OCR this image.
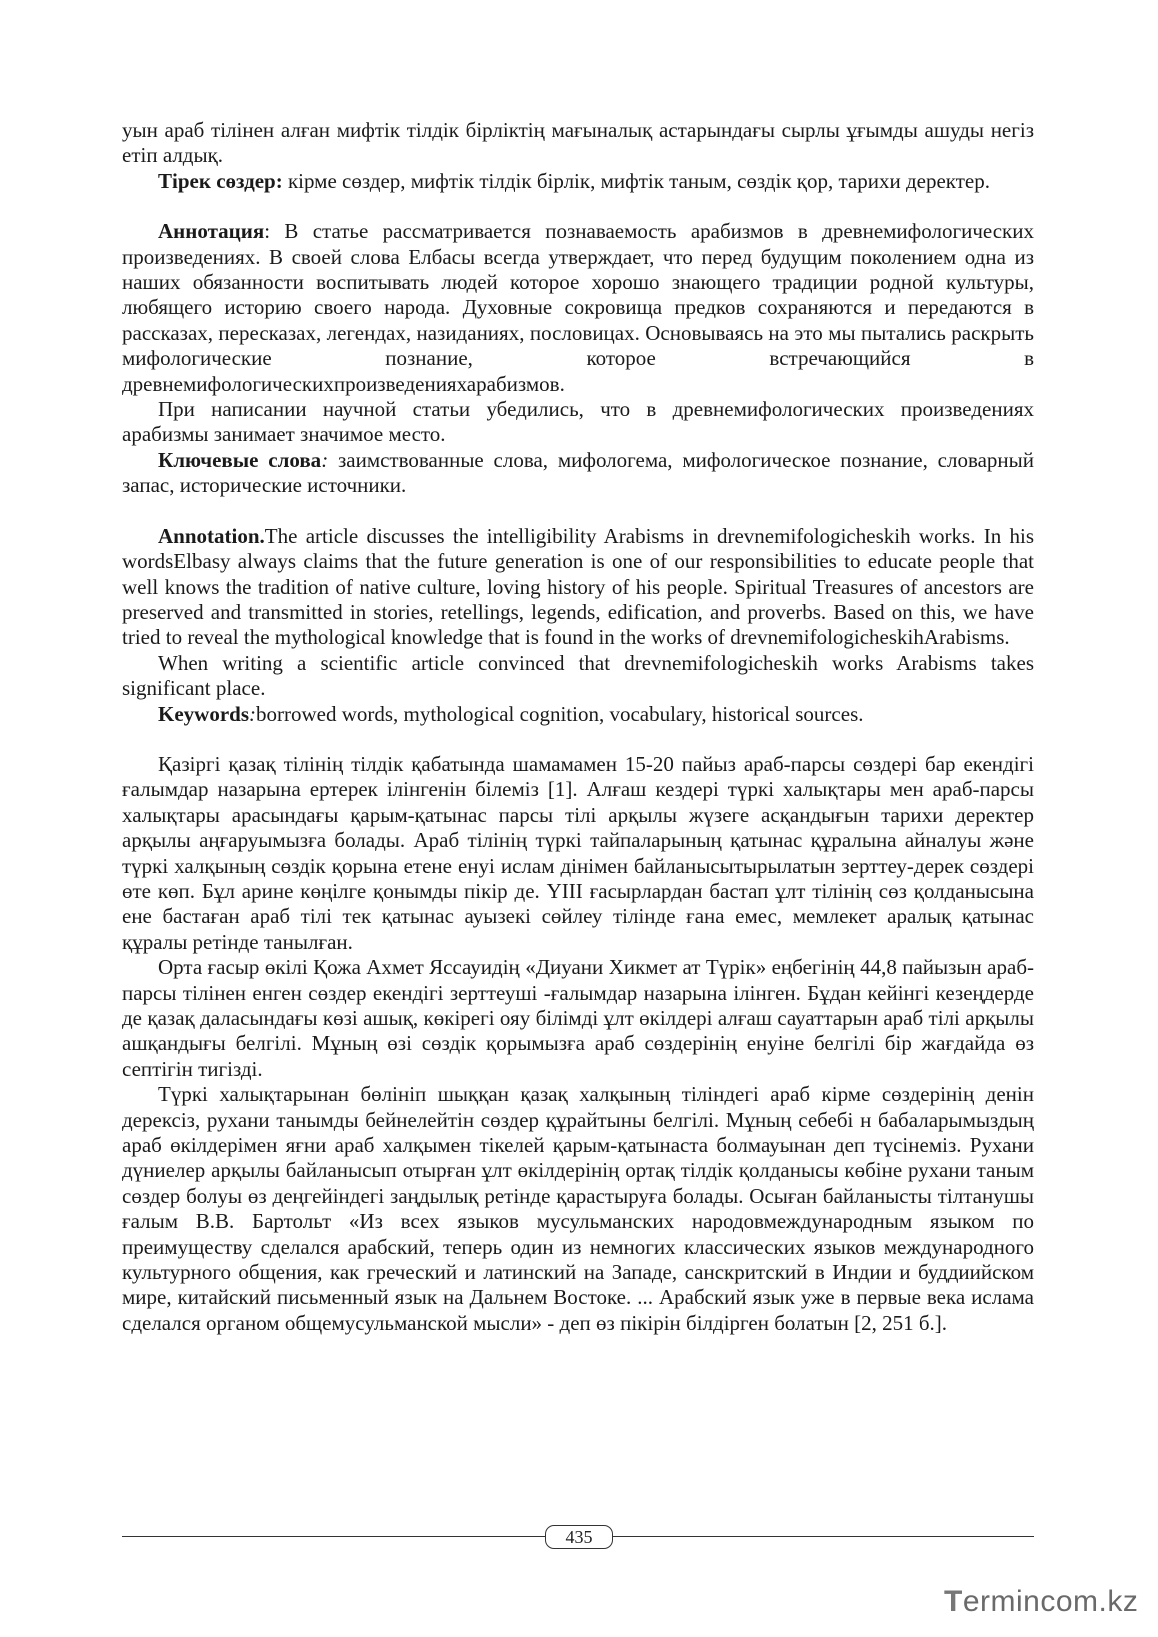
уын араб тілінен алған мифтік тілдік бірліктің мағыналық астарындағы сырлы ұғымды ашуды негіз етіп алдық.

Тірек сөздер: кірме сөздер, мифтік тілдік бірлік, мифтік таным, сөздік қор, тарихи деректер.

Аннотация: В статье рассматривается познаваемость арабизмов в древнемифологических произведениях. В своей слова Елбасы всегда утверждает, что перед будущим поколением одна из наших обязанности воспитывать людей которое хорошо знающего традиции родной культуры, любящего историю своего народа. Духовные сокровища предков сохраняются и передаются в рассказах, пересказах, легендах, назиданиях, пословицах. Основываясь на это мы пытались раскрыть мифологические познание, которое встречающийся в древнемифологическихпроизведенияхарабизмов.

При написании научной статьи убедились, что в древнемифологических произведениях арабизмы занимает значимое место.

Ключевые слова: заимствованные слова, мифологема, мифологическое познание, словарный запас, исторические источники.

Annotation.The article discusses the intelligibility Arabisms in drevnemifologicheskih works. In his wordsElbasy always claims that the future generation is one of our responsibilities to educate people that well knows the tradition of native culture, loving history of his people. Spiritual Treasures of ancestors are preserved and transmitted in stories, retellings, legends, edification, and proverbs. Based on this, we have tried to reveal the mythological knowledge that is found in the works of drevnemifologicheskihArabisms.

When writing a scientific article convinced that drevnemifologicheskih works Arabisms takes significant place.

Keywords:borrowed words, mythological cognition, vocabulary, historical sources.

Қазіргі қазақ тілінің тілдік қабатында шамамамен 15-20 пайыз араб-парсы сөздері бар екендігі ғалымдар назарына ертерек ілінгенін білеміз [1]. Алғаш кездері түркі халықтары мен араб-парсы халықтары арасындағы қарым-қатынас парсы тілі арқылы жүзеге асқандығын тарихи деректер арқылы аңғаруымызға болады. Араб тілінің түркі тайпаларының қатынас құралына айналуы және түркі халқының сөздік қорына етене енуі ислам дінімен байланысытырылатын зерттеу-дерек сөздері өте көп. Бұл арине көңілге қонымды пікір де. YIII ғасырлардан бастап ұлт тілінің сөз қолданысына ене бастаған араб тілі тек қатынас ауызекі сөйлеу тілінде ғана емес, мемлекет аралық қатынас құралы ретінде танылған.

Орта ғасыр өкілі Қожа Ахмет Яссауидің «Диуани Хикмет ат Түрік» еңбегінің 44,8 пайызын араб-парсы тілінен енген сөздер екендігі зерттеуші -ғалымдар назарына ілінген. Бұдан кейінгі кезеңдерде де қазақ даласындағы көзі ашық, көкірегі ояу білімді ұлт өкілдері алғаш сауаттарын араб тілі арқылы ашқандығы белгілі. Мұның өзі сөздік қорымызға араб сөздерінің енуіне белгілі бір жағдайда өз септігін тигізді.

Түркі халықтарынан бөлініп шыққан қазақ халқының тіліндегі араб кірме сөздерінің денін дерексіз, рухани танымды бейнелейтін сөздер құрайтыны белгілі. Мұның себебі н бабаларымыздың араб өкілдерімен яғни араб халқымен тікелей қарым-қатынаста болмауынан деп түсінеміз. Рухани дүниелер арқылы байланысып отырған ұлт өкілдерінің ортақ тілдік қолданысы көбіне рухани таным сөздер болуы өз деңгейіндегі заңдылық ретінде қарастыруға болады. Осыған байланысты тілтанушы ғалым В.В. Бартольт «Из всех языков мусульманских народовмеждународным языком по преимуществу сделался арабский, теперь один из немногих классических языков международного культурного общения, как греческий и латинский на Западе, санскритский в Индии и буддиийском мире, китайский письменный язык на Дальнем Востоке. ... Арабский язык уже в первые века ислама сделался органом общемусульманской мысли» - деп өз пікірін білдірген болатын [2, 251 б.].

435
Termincom.kz
